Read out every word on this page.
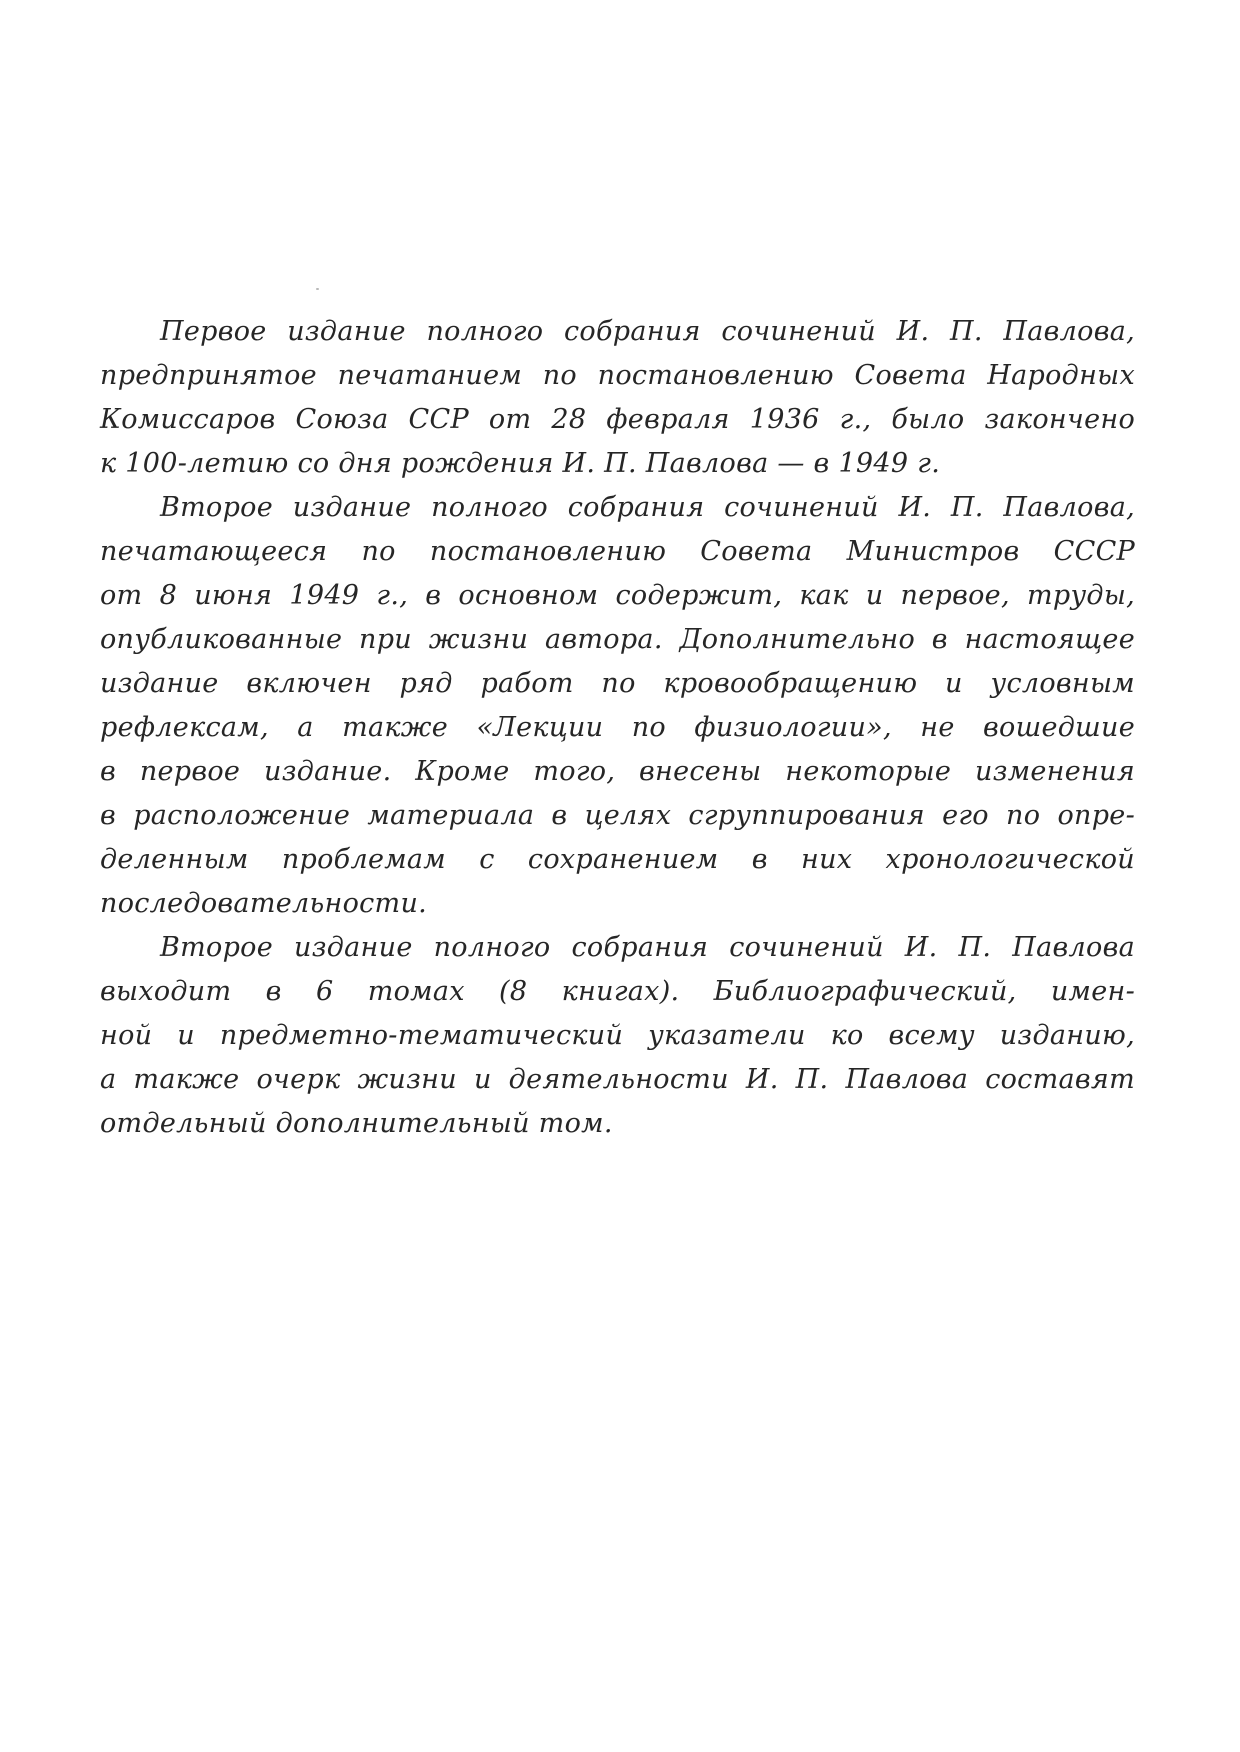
Первое издание полного собрания сочинений И. П. Павлова,
предпринятое печатанием по постановлению Совета Народных
Комиссаров Союза ССР от 28 февраля 1936 г., было закончено
к 100-летию со дня рождения И. П. Павлова — в 1949 г.
Второе издание полного собрания сочинений И. П. Павлова,
печатающееся по постановлению Совета Министров СССР
от 8 июня 1949 г., в основном содержит, как и первое, труды,
опубликованные при жизни автора. Дополнительно в настоящее
издание включен ряд работ по кровообращению и условным
рефлексам, а также «Лекции по физиологии», не вошедшие
в первое издание. Кроме того, внесены некоторые изменения
в расположение материала в целях сгруппирования его по опре-
деленным проблемам с сохранением в них хронологической
последовательности.
Второе издание полного собрания сочинений И. П. Павлова
выходит в 6 томах (8 книгах). Библиографический, имен-
ной и предметно-тематический указатели ко всему изданию,
а также очерк жизни и деятельности И. П. Павлова составят
отдельный дополнительный том.
